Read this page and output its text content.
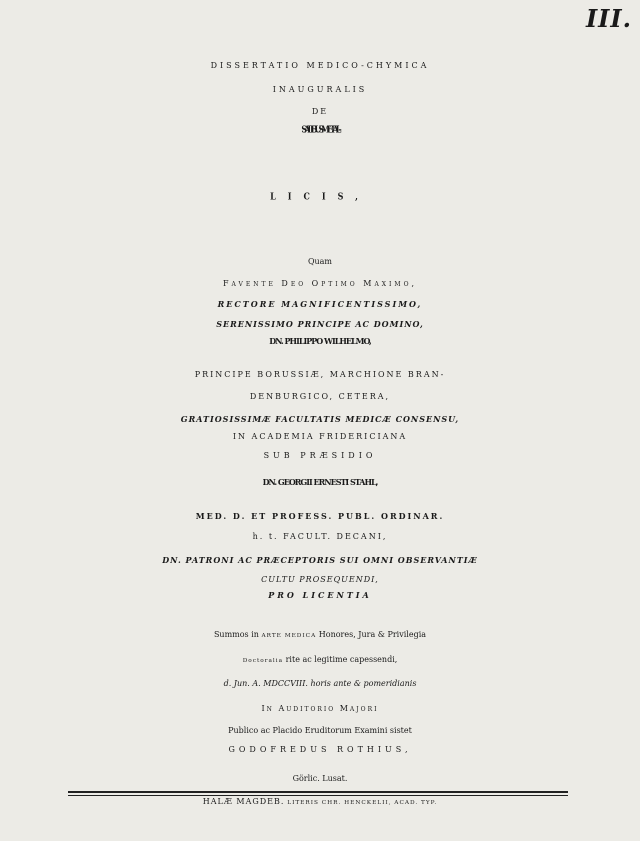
III.
DISSERTATIO MEDICO-CHYMICA
INAUGURALIS
DE
SALIBUS METAL-
LICIS,
Quam
Favente Deo Optimo Maximo,
RECTORE MAGNIFICENTISSIMO,
SERENISSIMO PRINCIPE AC DOMINO,
DN. PHILIPPO WILHELMO,
PRINCIPE BORUSSIÆ, MARCHIONE BRAN-
DENBURGICO, CETERA,
GRATIOSISSIMÆ FACULTATIS MEDICÆ CONSENSU,
IN ACADEMIA FRIDERICIANA
SUB PRÆSIDIO
DN. GEORGII ERNESTI STAHL,
MED. D. ET PROFESS. PUBL. ORDINAR.
h. t. FACULT. DECANI,
DN. PATRONI AC PRÆCEPTORIS SUI OMNI OBSERVANTIÆ
CULTU PROSEQUENDI,
PRO LICENTIA
Summos in ARTE MEDICA Honores, Jura & Privilegia
Doctoralia rite ac legitime capessendi,
d. Jun. A. MDCCVIII. horis ante & pomeridianis
In Auditorio Majori
Publico ac Placido Eruditorum Examini sistet
GODOFREDUS ROTHIUS,
Görlic. Lusat.
HALÆ MAGDEB. LITERIS CHR. HENCKELII, ACAD. TYP.
